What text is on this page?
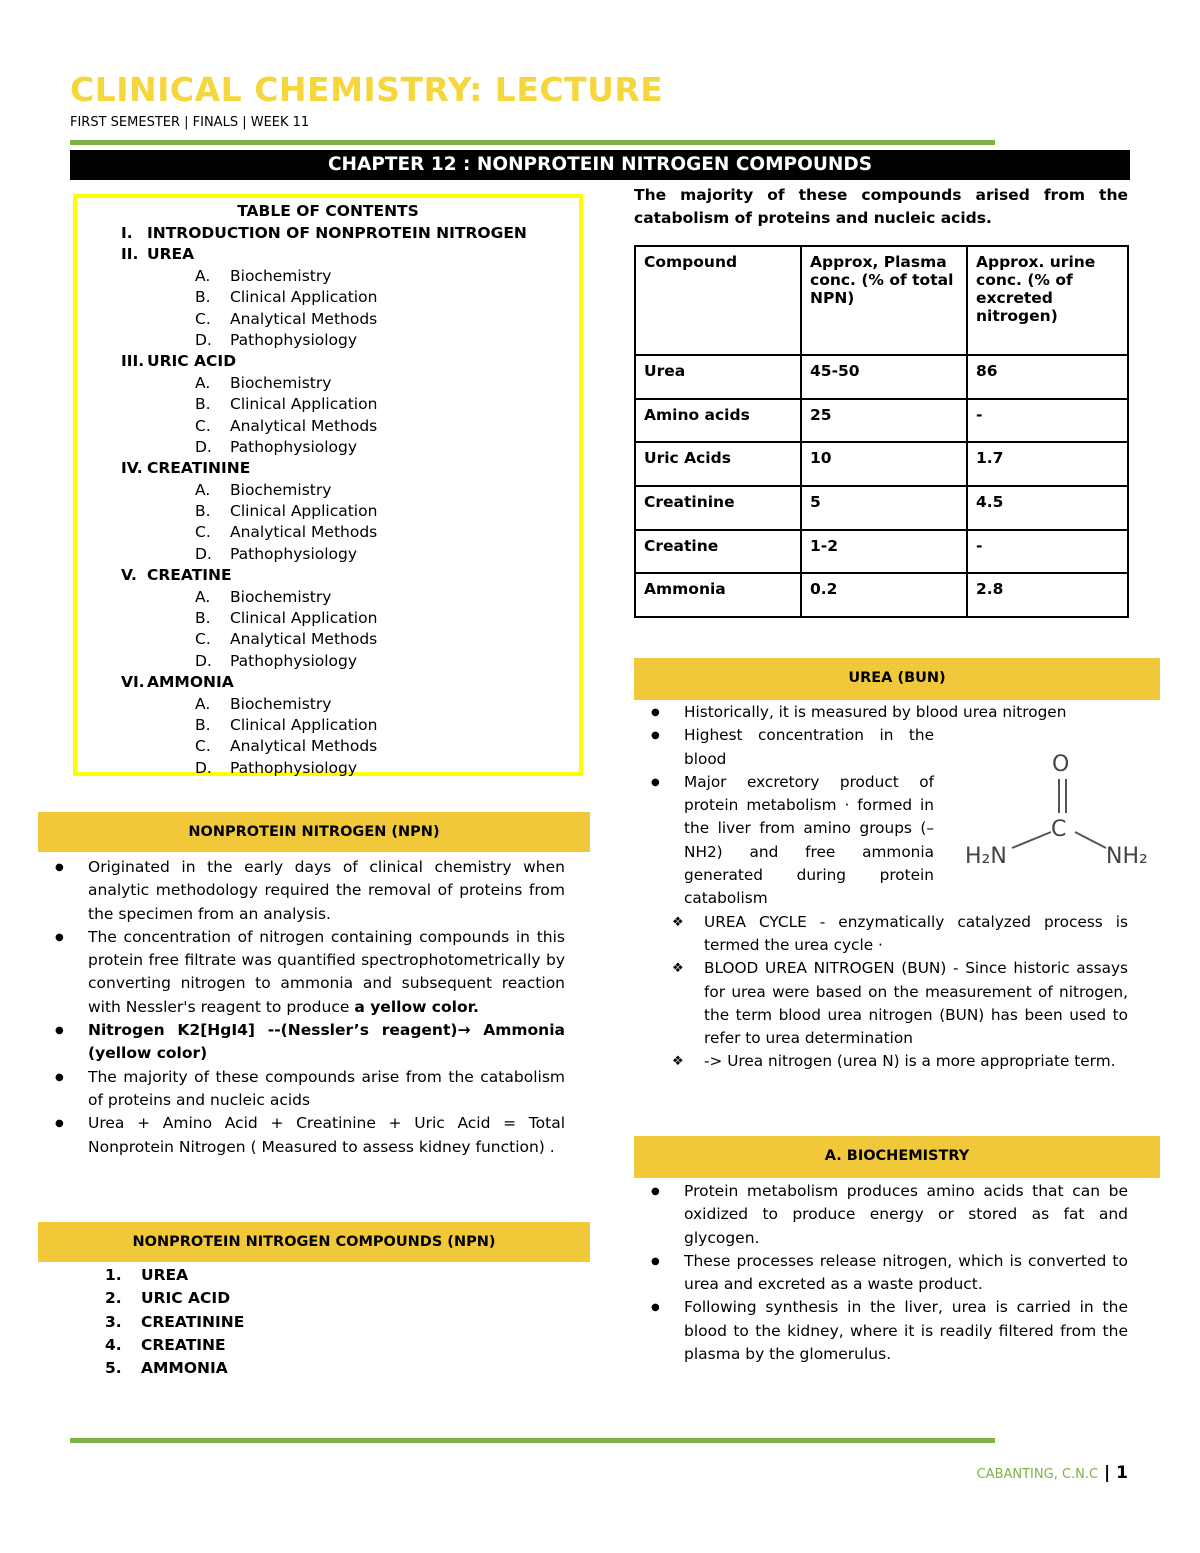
CLINICAL CHEMISTRY: LECTURE
FIRST SEMESTER | FINALS | WEEK 11
CHAPTER 12 : NONPROTEIN NITROGEN COMPOUNDS
TABLE OF CONTENTS
I. INTRODUCTION OF NONPROTEIN NITROGEN
II. UREA
A. Biochemistry
B. Clinical Application
C. Analytical Methods
D. Pathophysiology
III. URIC ACID
A. Biochemistry
B. Clinical Application
C. Analytical Methods
D. Pathophysiology
IV. CREATININE
A. Biochemistry
B. Clinical Application
C. Analytical Methods
D. Pathophysiology
V. CREATINE
A. Biochemistry
B. Clinical Application
C. Analytical Methods
D. Pathophysiology
VI. AMMONIA
A. Biochemistry
B. Clinical Application
C. Analytical Methods
D. Pathophysiology
NONPROTEIN NITROGEN (NPN)
● Originated in the early days of clinical chemistry when analytic methodology required the removal of proteins from the specimen from an analysis.
● The concentration of nitrogen containing compounds in this protein free filtrate was quantified spectrophotometrically by converting nitrogen to ammonia and subsequent reaction with Nessler's reagent to produce a yellow color.
● Nitrogen K2[HgI4] --(Nessler’s reagent)→ Ammonia (yellow color)
● The majority of these compounds arise from the catabolism of proteins and nucleic acids
● Urea + Amino Acid + Creatinine + Uric Acid = Total Nonprotein Nitrogen ( Measured to assess kidney function) .
NONPROTEIN NITROGEN COMPOUNDS (NPN)
1. UREA
2. URIC ACID
3. CREATININE
4. CREATINE
5. AMMONIA
The majority of these compounds arised from the catabolism of proteins and nucleic acids.
Compound	Approx, Plasma conc. (% of total NPN)	Approx. urine conc. (% of excreted nitrogen)
Urea	45-50	86
Amino acids	25	-
Uric Acids	10	1.7
Creatinine	5	4.5
Creatine	1-2	-
Ammonia	0.2	2.8
UREA (BUN)
● Historically, it is measured by blood urea nitrogen
● Highest concentration in the blood
● Major excretory product of protein metabolism · formed in the liver from amino groups (–NH2) and free ammonia generated during protein catabolism
❖ UREA CYCLE - enzymatically catalyzed process is termed the urea cycle ·
❖ BLOOD UREA NITROGEN (BUN) - Since historic assays for urea were based on the measurement of nitrogen, the term blood urea nitrogen (BUN) has been used to refer to urea determination
❖ -> Urea nitrogen (urea N) is a more appropriate term.
O
C
H₂N	NH₂
A. BIOCHEMISTRY
● Protein metabolism produces amino acids that can be oxidized to produce energy or stored as fat and glycogen.
● These processes release nitrogen, which is converted to urea and excreted as a waste product.
● Following synthesis in the liver, urea is carried in the blood to the kidney, where it is readily filtered from the plasma by the glomerulus.
CABANTING, C.N.C | 1
